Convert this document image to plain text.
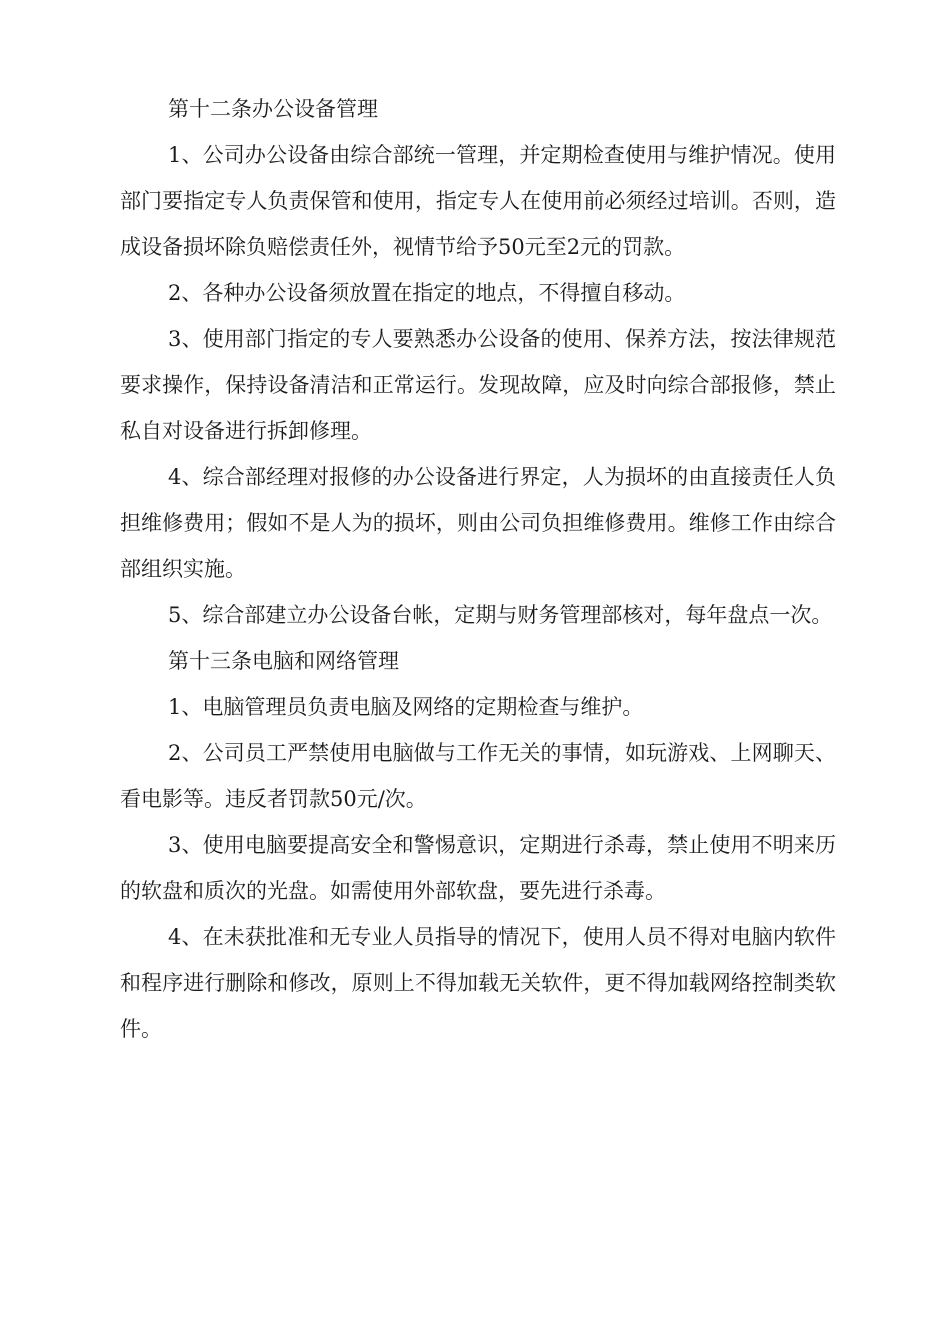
第十二条办公设备管理

1、公司办公设备由综合部统一管理，并定期检查使用与维护情况。使用部门要指定专人负责保管和使用，指定专人在使用前必须经过培训。否则，造成设备损坏除负赔偿责任外，视情节给予50元至2元的罚款。

2、各种办公设备须放置在指定的地点，不得擅自移动。

3、使用部门指定的专人要熟悉办公设备的使用、保养方法，按法律规范要求操作，保持设备清洁和正常运行。发现故障，应及时向综合部报修，禁止私自对设备进行拆卸修理。

4、综合部经理对报修的办公设备进行界定，人为损坏的由直接责任人负担维修费用；假如不是人为的损坏，则由公司负担维修费用。维修工作由综合部组织实施。

5、综合部建立办公设备台帐，定期与财务管理部核对，每年盘点一次。

第十三条电脑和网络管理

1、电脑管理员负责电脑及网络的定期检查与维护。

2、公司员工严禁使用电脑做与工作无关的事情，如玩游戏、上网聊天、看电影等。违反者罚款50元/次。

3、使用电脑要提高安全和警惕意识，定期进行杀毒，禁止使用不明来历的软盘和质次的光盘。如需使用外部软盘，要先进行杀毒。

4、在未获批准和无专业人员指导的情况下，使用人员不得对电脑内软件和程序进行删除和修改，原则上不得加载无关软件，更不得加载网络控制类软件。
